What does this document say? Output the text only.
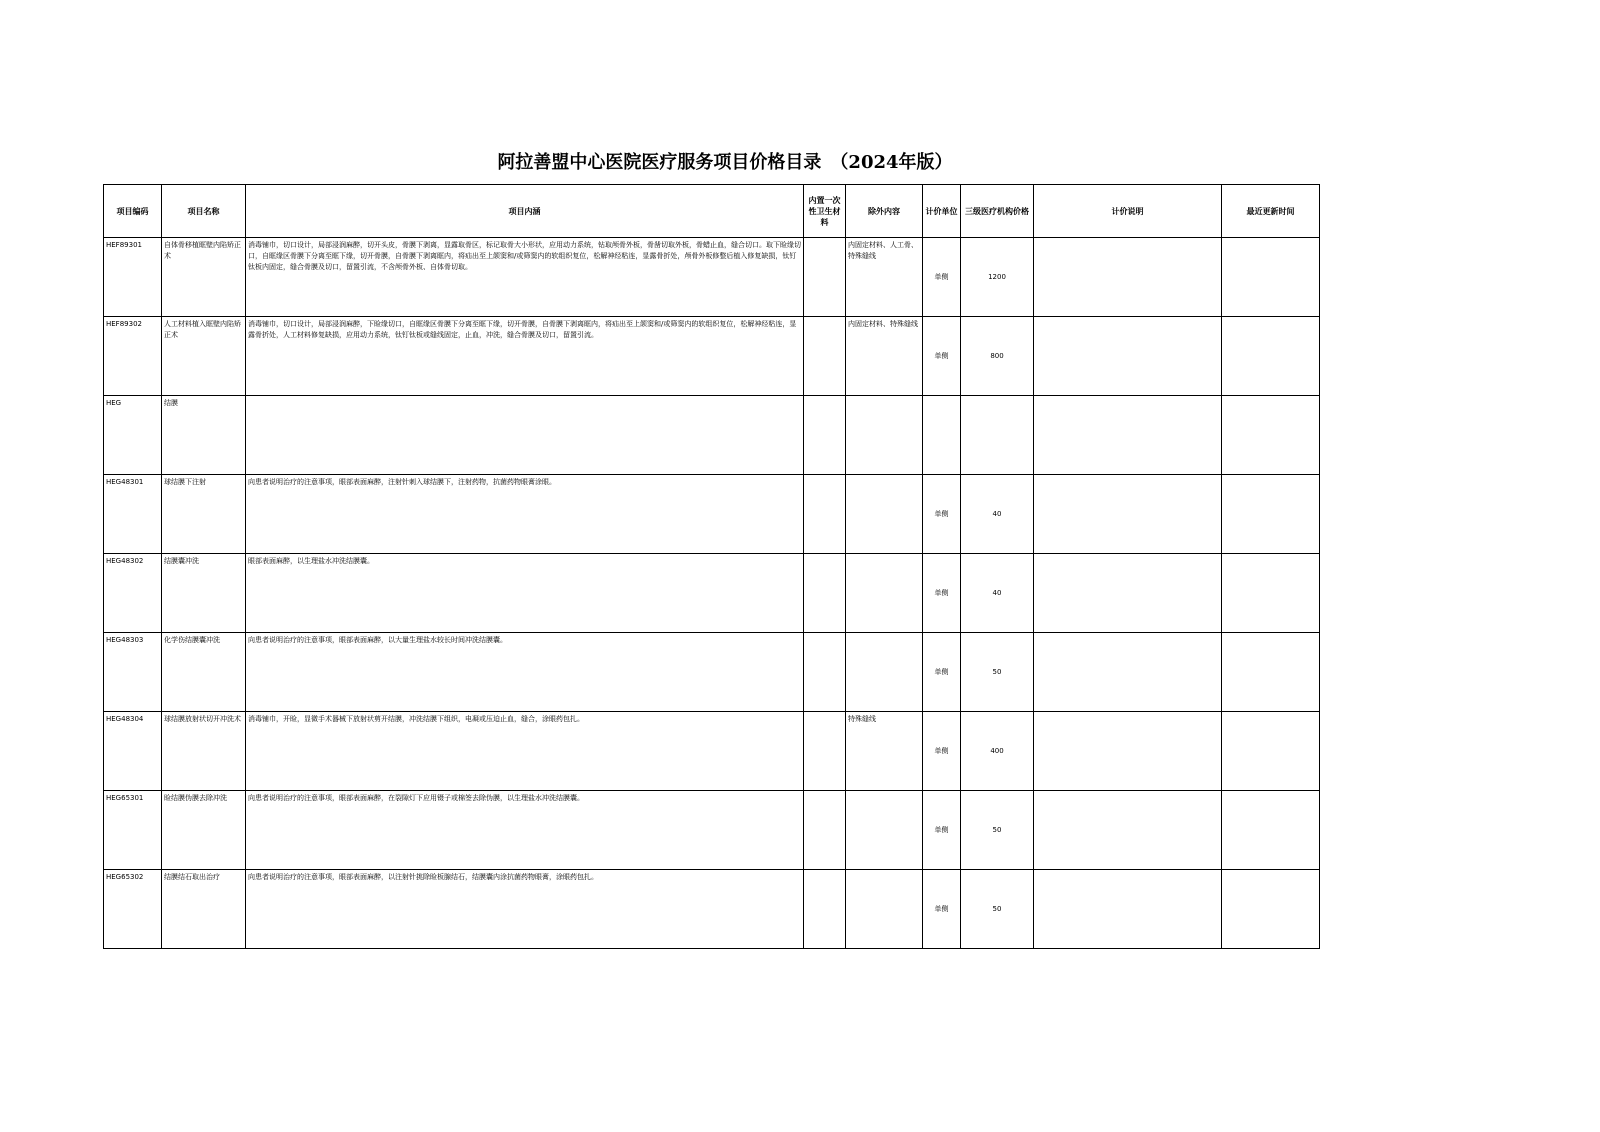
阿拉善盟中心医院医疗服务项目价格目录　（2024年版）
项目编码	项目名称	项目内涵	内置一次性卫生材料	除外内容	计价单位	三级医疗机构价格	计价说明	最近更新时间
HEF89301	自体骨移植眶壁内陷矫正术	消毒铺巾，切口设计，局部浸润麻醉，切开头皮，骨膜下剥离，显露取骨区，标记取骨大小形状，应用动力系统，钻取颅骨外板，骨凿切取外板，骨蜡止血，缝合切口。取下睑缘切口，自眶缘区骨膜下分离至眶下缘，切开骨膜，自骨膜下剥离眶内，将疝出至上颌窦和/或筛窦内的软组织复位，松解神经粘连，显露骨折处，颅骨外板修整后植入修复缺损，钛钉钛板内固定，缝合骨膜及切口，留置引流，不含颅骨外板、自体骨切取。		内固定材料、人工骨、特殊缝线	单侧	1200		
HEF89302	人工材料植入眶壁内陷矫正术	消毒铺巾，切口设计，局部浸润麻醉，下睑缘切口，自眶缘区骨膜下分离至眶下缘，切开骨膜，自骨膜下剥离眶内，将疝出至上颌窦和/或筛窦内的软组织复位，松解神经粘连，显露骨折处，人工材料修复缺损，应用动力系统，钛钉钛板或缝线固定，止血，冲洗，缝合骨膜及切口，留置引流。		内固定材料、特殊缝线	单侧	800		
HEG	结膜							
HEG48301	球结膜下注射	向患者说明治疗的注意事项，眼部表面麻醉，注射针刺入球结膜下，注射药物，抗菌药物眼膏涂眼。			单侧	40		
HEG48302	结膜囊冲洗	眼部表面麻醉，以生理盐水冲洗结膜囊。			单侧	40		
HEG48303	化学伤结膜囊冲洗	向患者说明治疗的注意事项，眼部表面麻醉，以大量生理盐水较长时间冲洗结膜囊。			单侧	50		
HEG48304	球结膜放射状切开冲洗术	消毒铺巾，开睑，显微手术器械下放射状剪开结膜，冲洗结膜下组织，电凝或压迫止血，缝合，涂眼药包扎。		特殊缝线	单侧	400		
HEG65301	睑结膜伪膜去除冲洗	向患者说明治疗的注意事项，眼部表面麻醉，在裂隙灯下应用镊子或棉签去除伪膜，以生理盐水冲洗结膜囊。			单侧	50		
HEG65302	结膜结石取出治疗	向患者说明治疗的注意事项，眼部表面麻醉，以注射针挑除睑板腺结石，结膜囊内涂抗菌药物眼膏，涂眼药包扎。			单侧	50		
